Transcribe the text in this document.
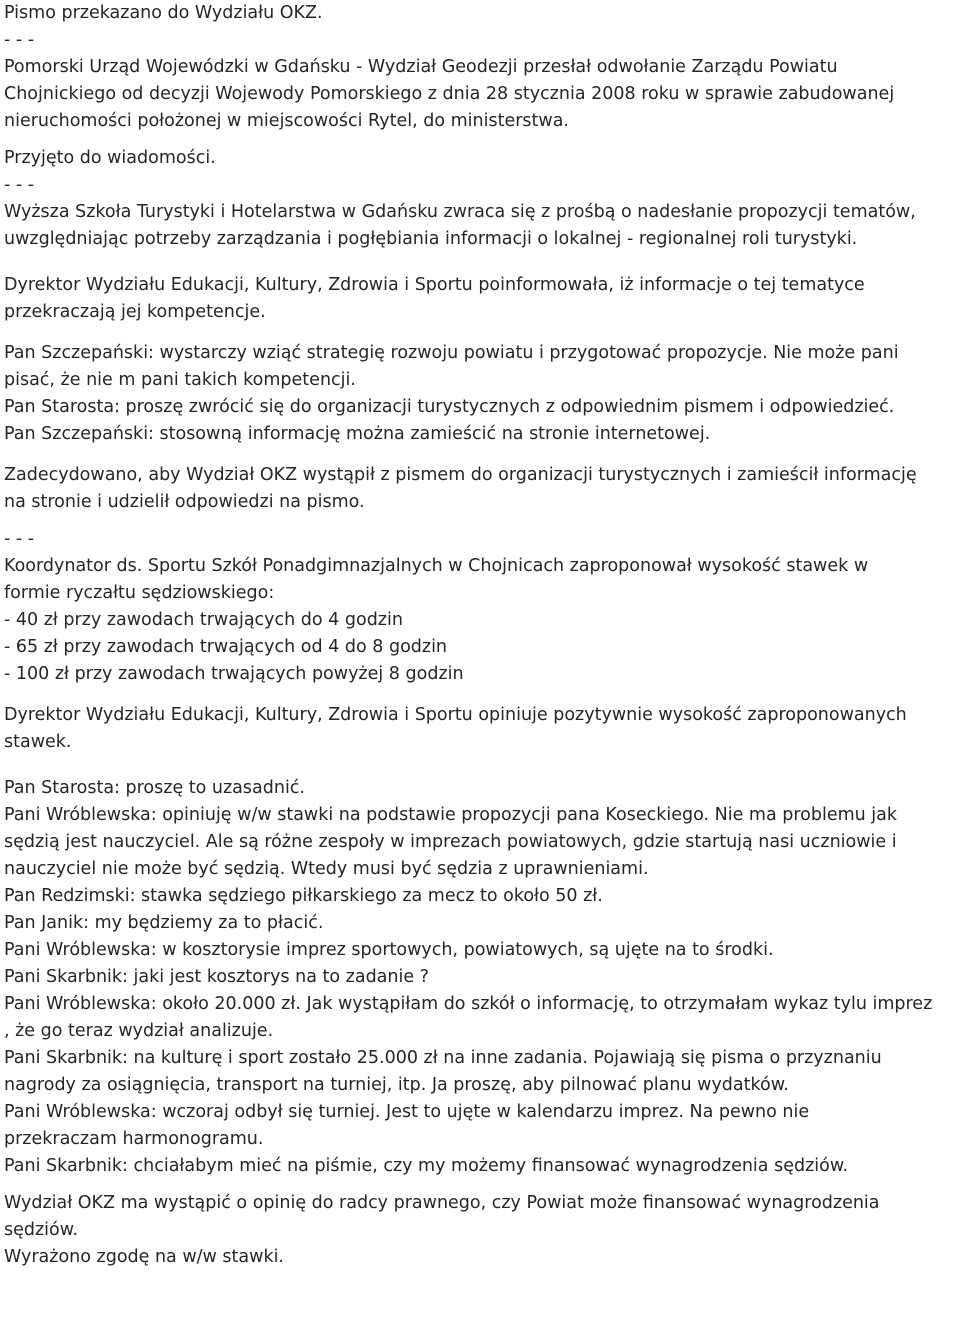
Pismo przekazano do Wydziału OKZ.
- - -
Pomorski Urząd Wojewódzki w Gdańsku - Wydział Geodezji przesłał odwołanie Zarządu Powiatu
Chojnickiego od decyzji Wojewody Pomorskiego z dnia 28 stycznia 2008 roku w sprawie zabudowanej
nieruchomości położonej w miejscowości Rytel, do ministerstwa.
Przyjęto do wiadomości.
- - -
Wyższa Szkoła Turystyki i Hotelarstwa w Gdańsku zwraca się z prośbą o nadesłanie propozycji tematów,
uwzględniając potrzeby zarządzania i pogłębiania informacji o lokalnej - regionalnej roli turystyki.
Dyrektor Wydziału Edukacji, Kultury, Zdrowia i Sportu poinformowała, iż informacje o tej tematyce
przekraczają jej kompetencje.
Pan Szczepański: wystarczy wziąć strategię rozwoju powiatu i przygotować propozycje. Nie może pani
pisać, że nie m pani takich kompetencji.
Pan Starosta: proszę zwrócić się do organizacji turystycznych z odpowiednim pismem i odpowiedzieć.
Pan Szczepański: stosowną informację można zamieścić na stronie internetowej.
Zadecydowano, aby Wydział OKZ wystąpił z pismem do organizacji turystycznych i zamieścił informację
na stronie i udzielił odpowiedzi na pismo.
- - -
Koordynator ds. Sportu Szkół Ponadgimnazjalnych w Chojnicach zaproponował wysokość stawek w
formie ryczałtu sędziowskiego:
- 40 zł przy zawodach trwających do 4 godzin
- 65 zł przy zawodach trwających od 4 do 8 godzin
- 100 zł przy zawodach trwających powyżej 8 godzin
Dyrektor Wydziału Edukacji, Kultury, Zdrowia i Sportu opiniuje pozytywnie wysokość zaproponowanych
stawek.
Pan Starosta: proszę to uzasadnić.
Pani Wróblewska: opiniuję w/w stawki na podstawie propozycji pana Koseckiego. Nie ma problemu jak
sędzią jest nauczyciel. Ale są różne zespoły w imprezach powiatowych, gdzie startują nasi uczniowie i
nauczyciel nie może być sędzią. Wtedy musi być sędzia z uprawnieniami.
Pan Redzimski: stawka sędziego piłkarskiego za mecz to około 50 zł.
Pan Janik: my będziemy za to płacić.
Pani Wróblewska: w kosztorysie imprez sportowych, powiatowych, są ujęte na to środki.
Pani Skarbnik: jaki jest kosztorys na to zadanie ?
Pani Wróblewska: około 20.000 zł. Jak wystąpiłam do szkół o informację, to otrzymałam wykaz tylu imprez
, że go teraz wydział analizuje.
Pani Skarbnik: na kulturę i sport zostało 25.000 zł na inne zadania. Pojawiają się pisma o przyznaniu
nagrody za osiągnięcia, transport na turniej, itp. Ja proszę, aby pilnować planu wydatków.
Pani Wróblewska: wczoraj odbył się turniej. Jest to ujęte w kalendarzu imprez. Na pewno nie
przekraczam harmonogramu.
Pani Skarbnik: chciałabym mieć na piśmie, czy my możemy finansować wynagrodzenia sędziów.
Wydział OKZ ma wystąpić o opinię do radcy prawnego, czy Powiat może finansować wynagrodzenia
sędziów.
Wyrażono zgodę na w/w stawki.
